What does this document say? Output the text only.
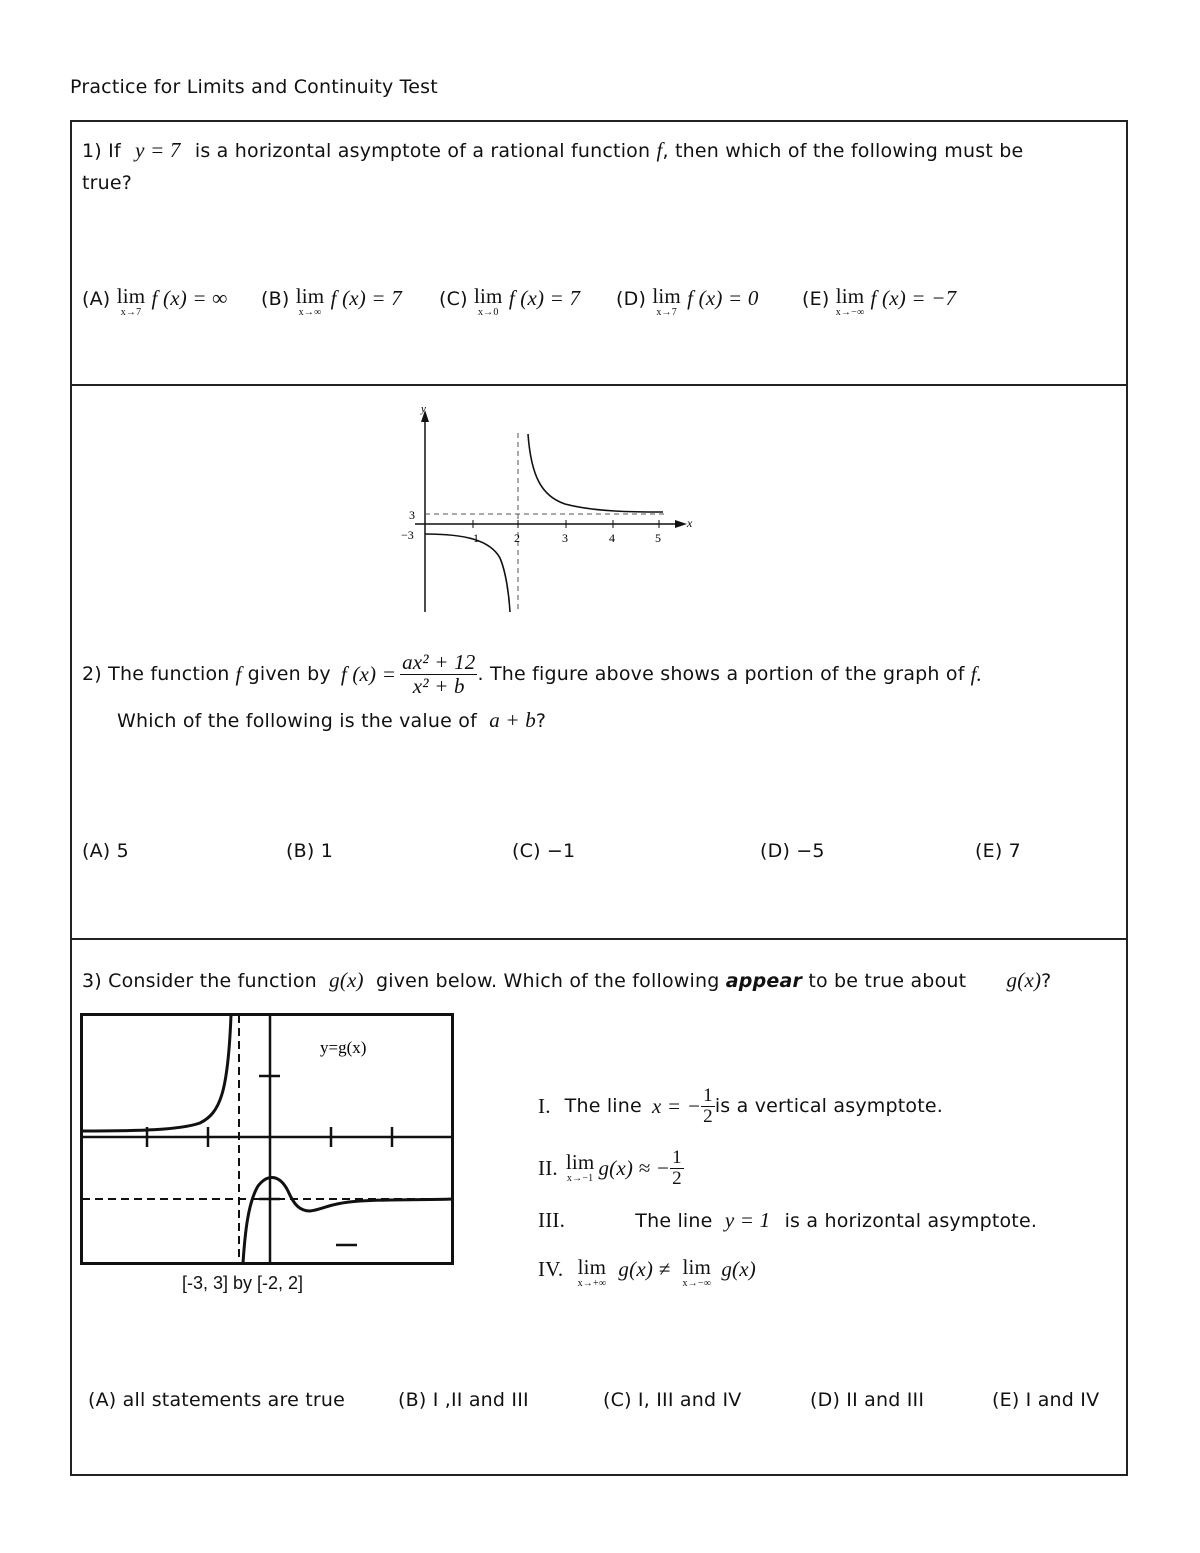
Practice for Limits and Continuity Test
1) If y = 7 is a horizontal asymptote of a rational function f, then which of the following must be
true?
(A) lim
x→7
f (x) = ∞ (B) lim
x→∞
f (x) = 7 (C) lim
x→0
f (x) = 7 (D) lim
x→7
f (x) = 0 (E) lim
x→−∞
f (x) = −7
y
x
1	2	3	4	5
3
−3
2) The function f given by f $(x) = \frac{\text{ax² + 12}}{\text{x² + b}}$ . The figure above shows a portion of the graph of f.
Which of the following is the value of a + b?
(A) 5	(B) 1	(C) −1	(D) −5	(E) 7
3) Consider the function g(x) given below. Which of the following appear to be true about g(x)?
y=g(x)
[-3, 3] by [-2, 2]
I. The line x = − $\frac{1}{2}$ is a vertical asymptote.
II. lim
x→−1 g(x) ≈ − $\frac{1}{2}$
III.	The line y = 1 is a horizontal asymptote.
IV. lim
x→+∞
g(x) ≠ lim
x→−∞
g(x)
(A) all statements are true	(B) I ,II and III	(C) I, III and IV	(D) II and III	(E) I and IV
